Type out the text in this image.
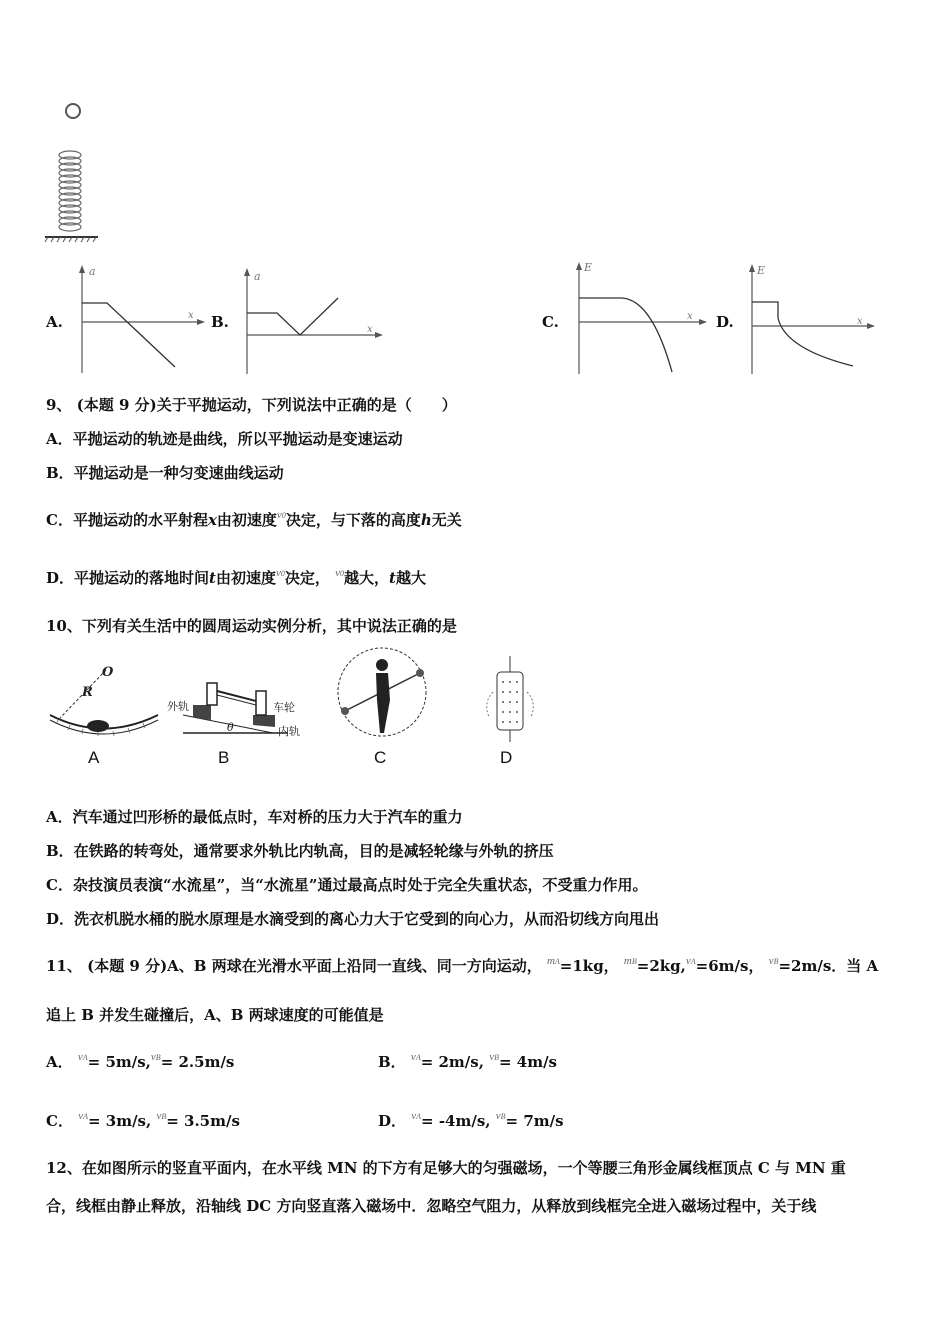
A.	B.	C.	D.
a
x
a
x
E
x
E
x
9、 (本题 9 分)关于平抛运动，下列说法中正确的是（　　）
A．平抛运动的轨迹是曲线，所以平抛运动是变速运动
B．平抛运动是一种匀变速曲线运动
C．平抛运动的水平射程x由初速度$^{v0}$决定，与下落的高度h无关
D．平抛运动的落地时间t由初速度$^{v0}$决定， $^{v0}$越大，t越大
10、下列有关生活中的圆周运动实例分析，其中说法正确的是
O
R
外轨	车轮
内轨
θ
A	B	C	D
A．汽车通过凹形桥的最低点时，车对桥的压力大于汽车的重力
B．在铁路的转弯处，通常要求外轨比内轨高，目的是减轻轮缘与外轨的挤压
C．杂技演员表演“水流星”，当“水流星”通过最高点时处于完全失重状态，不受重力作用。
D．洗衣机脱水桶的脱水原理是水滴受到的离心力大于它受到的向心力，从而沿切线方向甩出
11、 (本题 9 分)A、B 两球在光滑水平面上沿同一直线、同一方向运动， $^{mA}$=1kg， $^{mB}$=2kg,$^{vA}$=6m/s， $^{vB}$=2m/s．当 A
追上 B 并发生碰撞后，A、B 两球速度的可能值是
A． $^{vA}$= 5m/s,$^{vB}$= 2.5m/s	B． $^{vA}$= 2m/s, $^{vB}$= 4m/s
C． $^{vA}$= 3m/s, $^{vB}$= 3.5m/s	D． $^{vA}$= -4m/s, $^{vB}$= 7m/s
12、在如图所示的竖直平面内，在水平线 MN 的下方有足够大的匀强磁场，一个等腰三角形金属线框顶点 C 与 MN 重
合，线框由静止释放，沿轴线 DC 方向竖直落入磁场中．忽略空气阻力，从释放到线框完全进入磁场过程中，关于线
